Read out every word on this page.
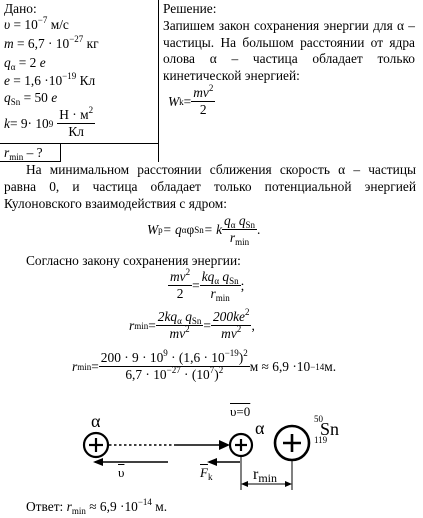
Дано:
$\upsilon = 10^{-7}$ м/с
$m = 6,7 \cdot 10^{-27}$ кг
$q_\alpha = 2$ e
$e = 1,6 \cdot 10^{-19}$ Кл
$q_{Sn} = 50$ e
k = 9· 10 $9 \frac{Н \cdot м^2}{Кл}$
$r_{min}$ – ?
Решение:
Запишем закон сохранения энергии для α – частицы. На большом расстоянии от ядра олова α – частица обладает только кинетической энергией:
W $k = \frac{mv^2}{2}$
На минимальном расстоянии сближения скорость α – частицы равна 0, и частица обладает только потенциальной энергией Кулоновского взаимодействия с ядром:
W p = q α φ Sn = k $\frac{q_\alpha q_{Sn}}{r_{min}}$ .
Согласно закону сохранения энергии:
$\frac{mv^2}{2} = \frac{kq_\alpha q_{Sn}}{r_{min}}$ ;
r $\min = \frac{2kq_\alpha q_{Sn}}{mv^2} = \frac{200ke^2}{mv^2}$ ,
r $\min = \frac{200 \cdot 9 \cdot 10^9 \cdot (1,6 \cdot 10^{-19})^2}{6,7 \cdot 10^{-27} \cdot (10^7)^2}$ м ≈ 6,9 ·10 −14 м.
α	α
υ=0
$\overline{\upsilon}$	$\overline{F}_k$	$r_{min}$
50
Sn
119
Ответ: $r_{min} \approx 6,9 \cdot 10^{-14}$ м.
